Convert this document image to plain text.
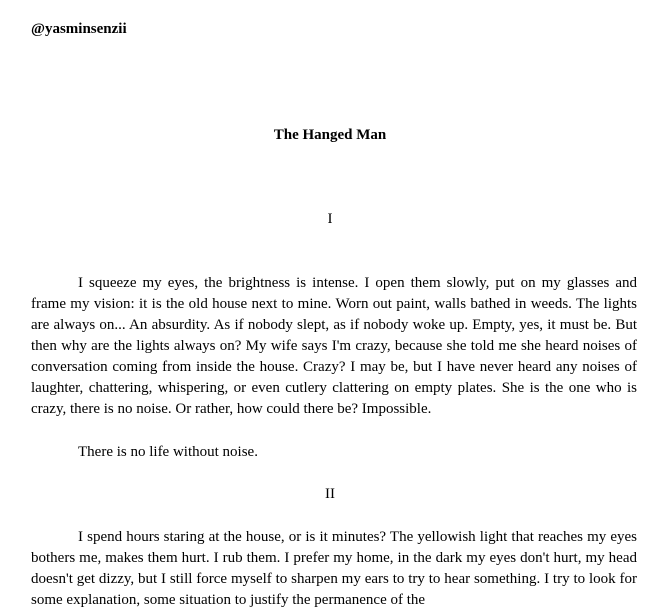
@yasminsenzii
The Hanged Man
I

I squeeze my eyes, the brightness is intense. I open them slowly, put on my glasses and frame my vision: it is the old house next to mine. Worn out paint, walls bathed in weeds. The lights are always on... An absurdity. As if nobody slept, as if nobody woke up. Empty, yes, it must be. But then why are the lights always on? My wife says I'm crazy, because she told me she heard noises of conversation coming from inside the house. Crazy? I may be, but I have never heard any noises of laughter, chattering, whispering, or even cutlery clattering on empty plates. She is the one who is crazy, there is no noise. Or rather, how could there be? Impossible.

There is no life without noise.

II

I spend hours staring at the house, or is it minutes? The yellowish light that reaches my eyes bothers me, makes them hurt. I rub them. I prefer my home, in the dark my eyes don't hurt, my head doesn't get dizzy, but I still force myself to sharpen my ears to try to hear something. I try to look for some explanation, some situation to justify the permanence of the
